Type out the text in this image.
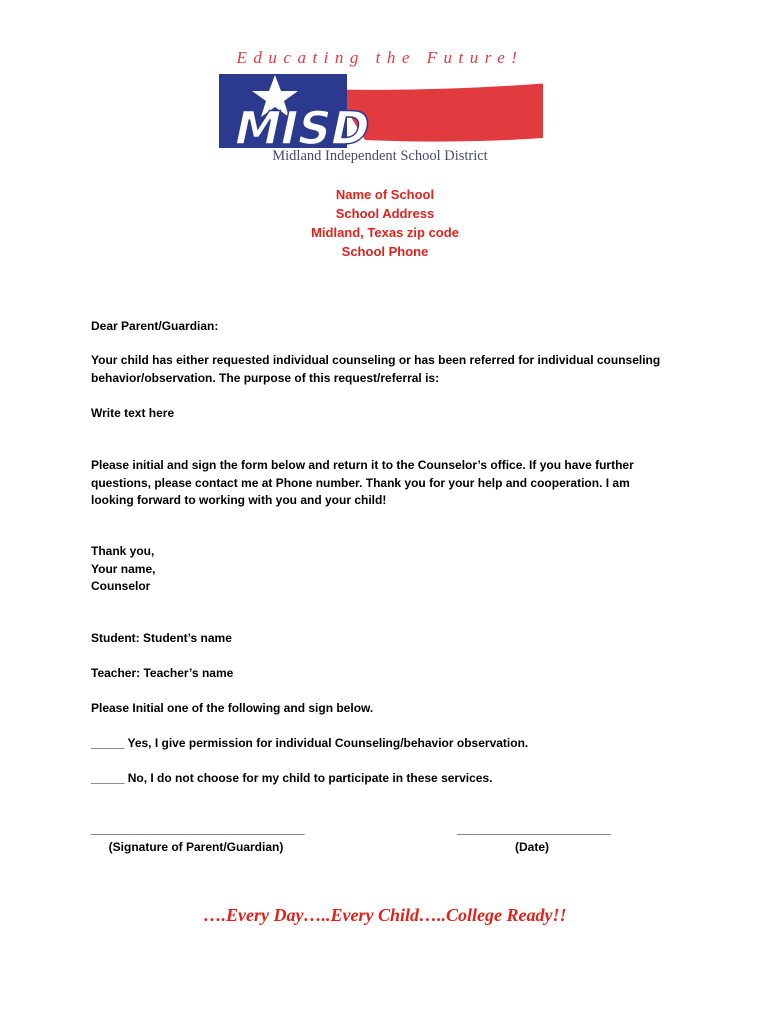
MISD
Educating the Future!
Midland Independent School District
Name of School
School Address
Midland, Texas zip code
School Phone

Dear Parent/Guardian:

Your child has either requested individual counseling or has been referred for individual counseling behavior/observation. The purpose of this request/referral is:

Write text here

Please initial and sign the form below and return it to the Counselor’s office. If you have further questions, please contact me at Phone number. Thank you for your help and cooperation. I am looking forward to working with you and your child!

Thank you,

Your name,

Counselor

Student: Student’s name

Teacher: Teacher’s name

Please Initial one of the following and sign below.

_____ Yes, I give permission for individual Counseling/behavior observation.

_____ No, I do not choose for my child to participate in these services.

________________________________
(Signature of Parent/Guardian)
_______________________
(Date)
….Every Day…..Every Child…..College Ready!!
